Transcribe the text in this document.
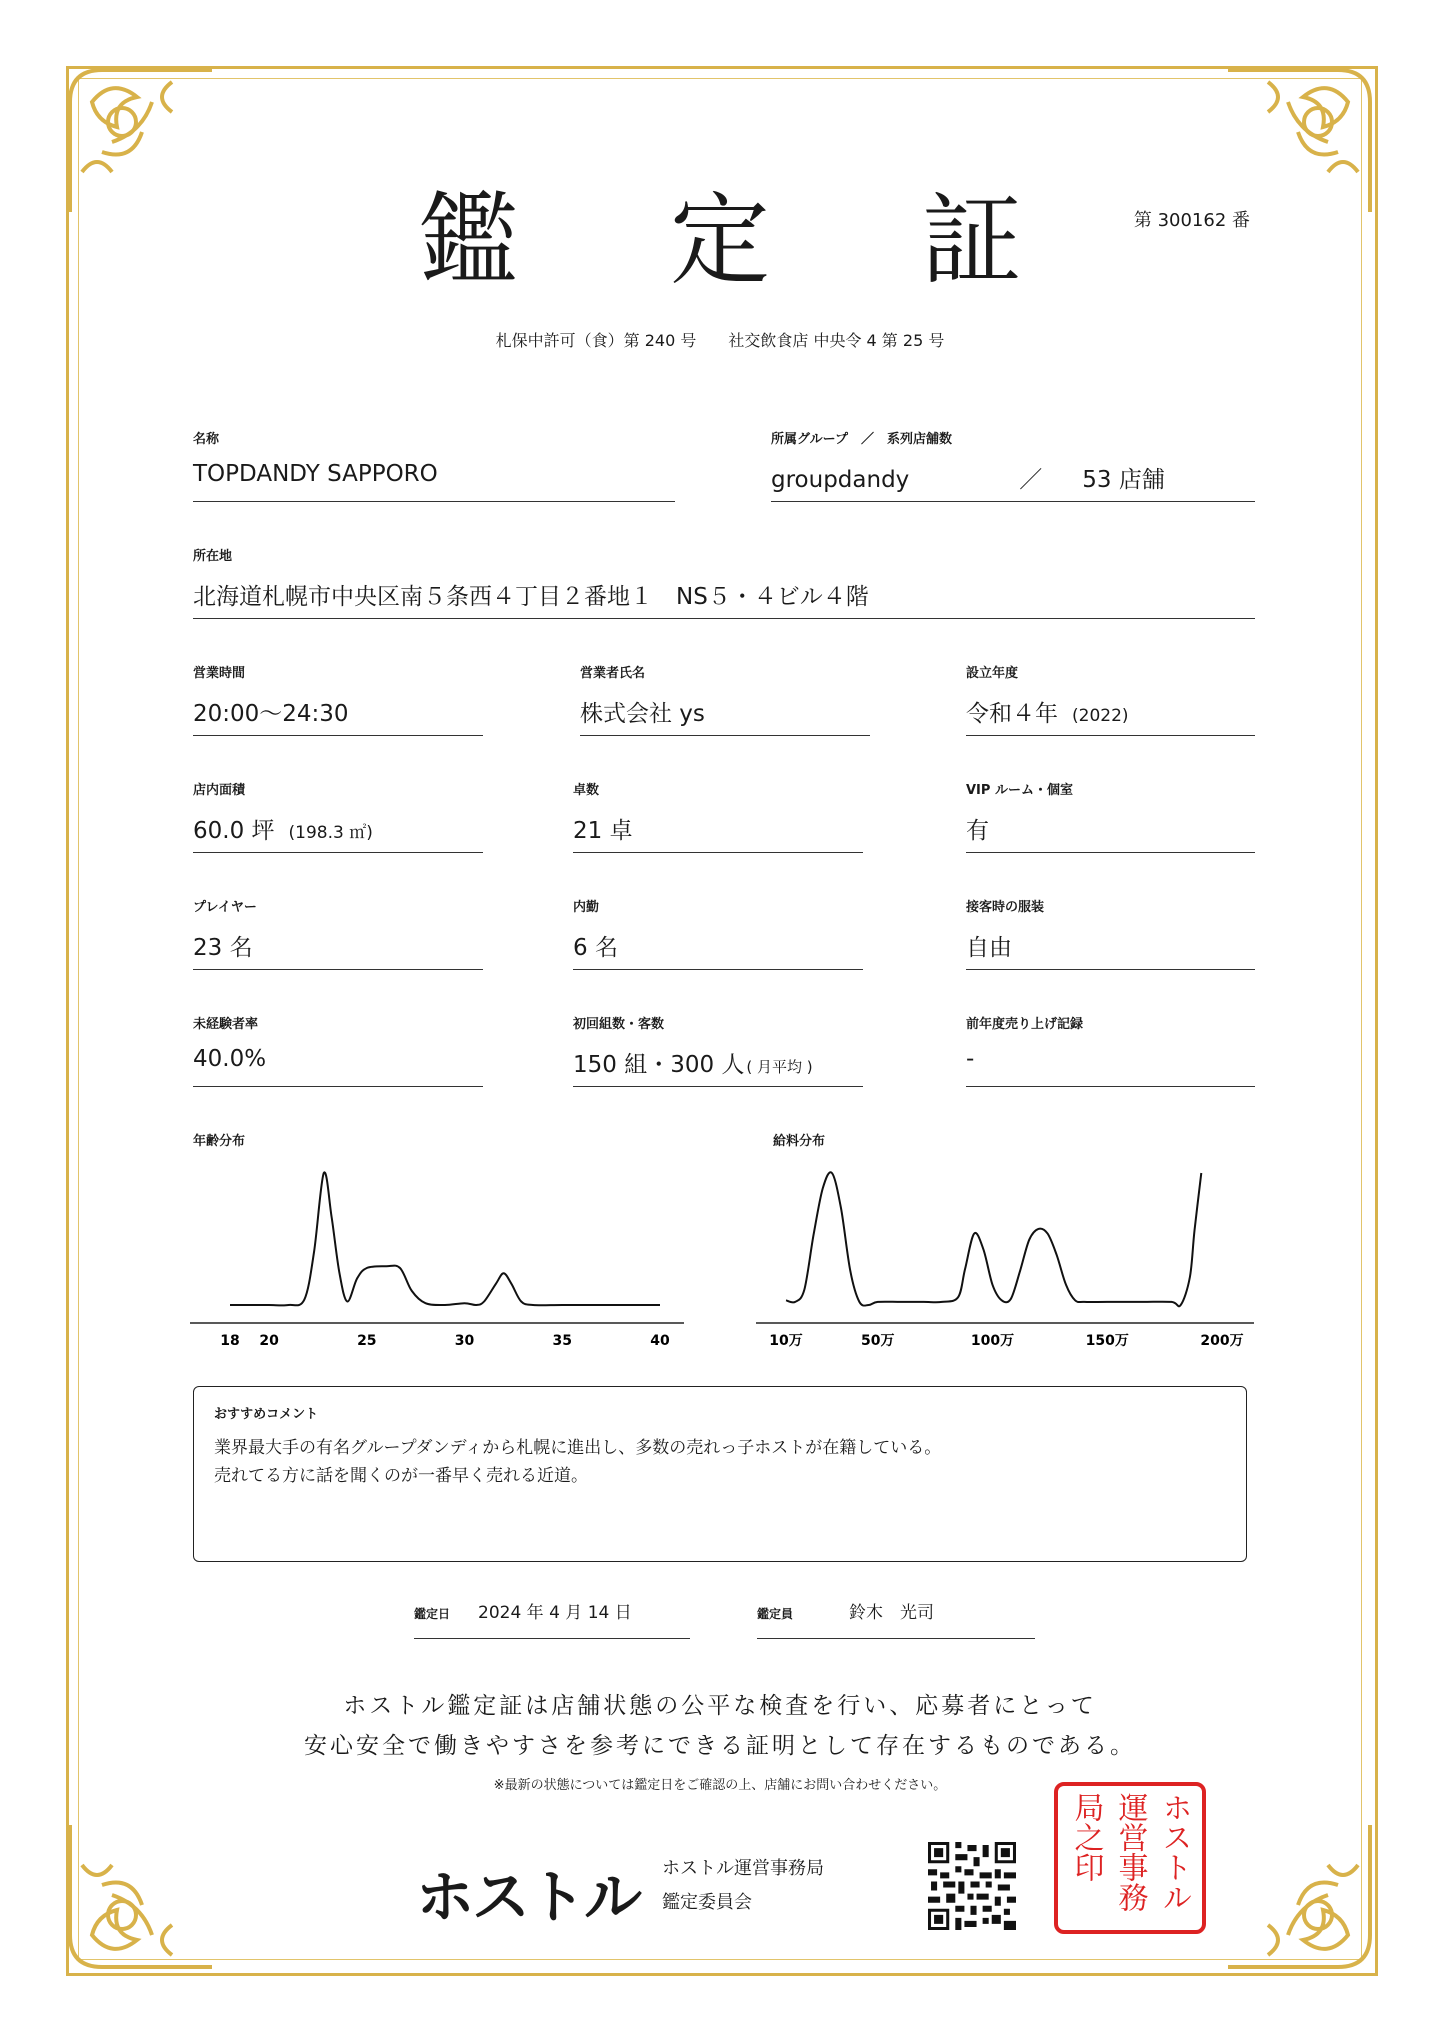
鑑 定 証	第 300162 番
札保中許可（食）第 240 号　　社交飲食店 中央令 4 第 25 号
名称
TOPDANDY SAPPORO
所属グループ　／　系列店舗数
groupdandy	／ 53 店舗
所在地
北海道札幌市中央区南５条西４丁目２番地１　NS５・４ビル４階
営業時間
20:00〜24:30
営業者氏名
株式会社 ys
設立年度
令和４年 (2022)
店内面積
60.0 坪 (198.3 ㎡)
卓数
21 卓
VIP ルーム・個室
有
プレイヤー
23 名
内勤
6 名
接客時の服装
自由
未経験者率
40.0%
初回組数・客数
150 組・300 人 ( 月平均 )
前年度売り上げ記録
-
年齢分布
18 20	25	30	35	40
給料分布
10万	50万	100万	150万	200万
おすすめコメント

業界最大手の有名グループダンディから札幌に進出し、多数の売れっ子ホストが在籍している。
売れてる方に話を聞くのが一番早く売れる近道。

鑑定日 2024 年 4 月 14 日	鑑定員	鈴木　光司
ホストル鑑定証は店舗状態の公平な検査を行い、応募者にとって
安心安全で働きやすさを参考にできる証明として存在するものである。
※最新の状態については鑑定日をご確認の上、店舗にお問い合わせください。
ホストル ホストル運営事務局
鑑定委員会	ホストル
運営事務
局之印
